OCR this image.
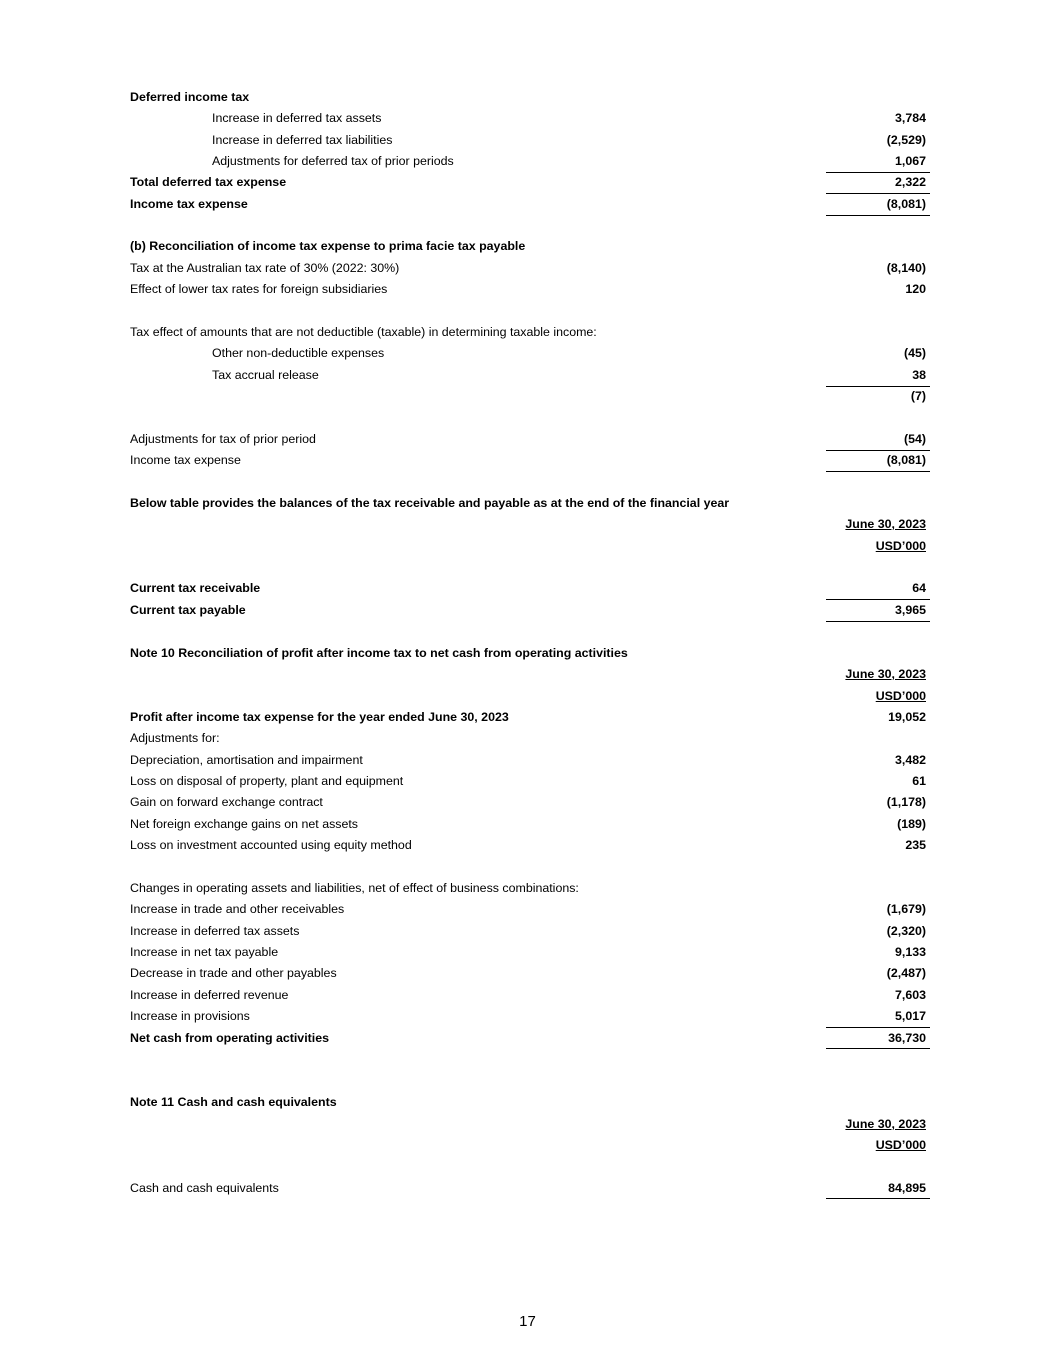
Deferred income tax
Increase in deferred tax assets	3,784
Increase in deferred tax liabilities	(2,529)
Adjustments for deferred tax of prior periods	1,067
Total deferred tax expense	2,322
Income tax expense	(8,081)
(b) Reconciliation of income tax expense to prima facie tax payable
Tax at the Australian tax rate of 30% (2022: 30%)	(8,140)
Effect of lower tax rates for foreign subsidiaries	120
Tax effect of amounts that are not deductible (taxable) in determining taxable income:
Other non-deductible expenses	(45)
Tax accrual release	38
(7)
Adjustments for tax of prior period	(54)
Income tax expense	(8,081)
Below table provides the balances of the tax receivable and payable as at the end of the financial year
June 30, 2023
USD’000
Current tax receivable	64
Current tax payable	3,965
Note 10 Reconciliation of profit after income tax to net cash from operating activities
June 30, 2023
USD’000
Profit after income tax expense for the year ended June 30, 2023	19,052
Adjustments for:
Depreciation, amortisation and impairment	3,482
Loss on disposal of property, plant and equipment	61
Gain on forward exchange contract	(1,178)
Net foreign exchange gains on net assets	(189)
Loss on investment accounted using equity method	235
Changes in operating assets and liabilities, net of effect of business combinations:
Increase in trade and other receivables	(1,679)
Increase in deferred tax assets	(2,320)
Increase in net tax payable	9,133
Decrease in trade and other payables	(2,487)
Increase in deferred revenue	7,603
Increase in provisions	5,017
Net cash from operating activities	36,730
Note 11 Cash and cash equivalents
June 30, 2023
USD’000
Cash and cash equivalents	84,895
17
